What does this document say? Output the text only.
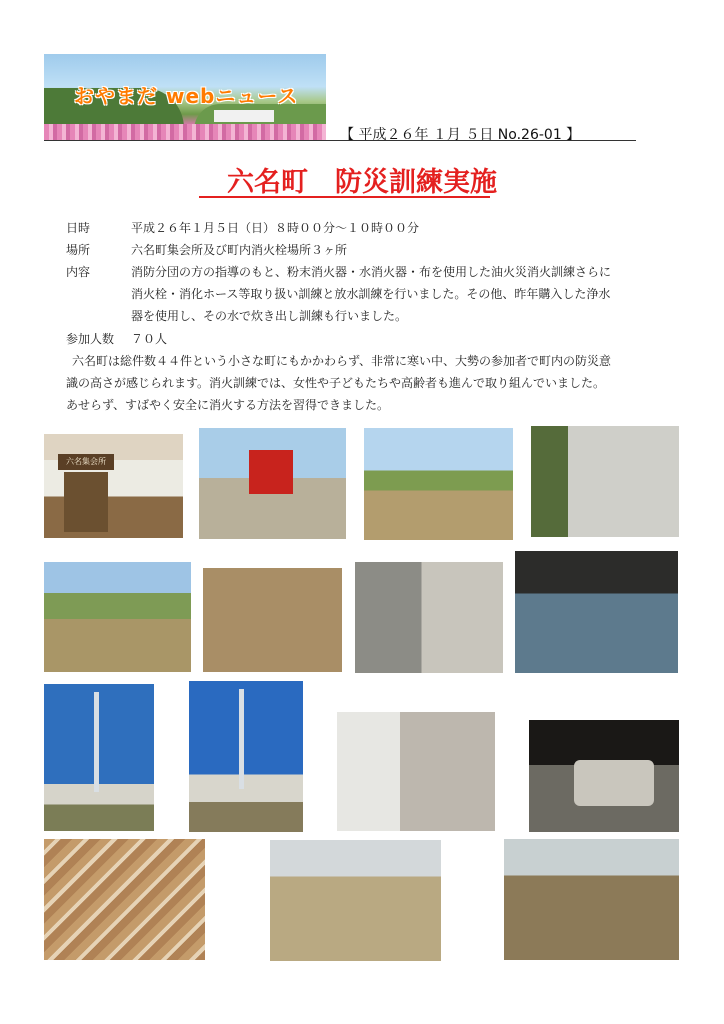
おやまだ webニュース
【 平成２６年 １月 ５日 No.26-01 】
六名町　防災訓練実施
日時	平成２６年１月５日（日）８時００分～１０時００分
場所	六名町集会所及び町内消火栓場所３ヶ所
内容	消防分団の方の指導のもと、粉末消火器・水消火器・布を使用した油火災消火訓練さらに
消火栓・消化ホース等取り扱い訓練と放水訓練を行いました。その他、昨年購入した浄水
器を使用し、その水で炊き出し訓練も行いました。
参加人数 ７０人
六名町は総件数４４件という小さな町にもかかわらず、非常に寒い中、大勢の参加者で町内の防災意
識の高さが感じられます。消火訓練では、女性や子どもたちや高齢者も進んで取り組んでいました。
あせらず、すばやく安全に消火する方法を習得できました。
六名集会所
